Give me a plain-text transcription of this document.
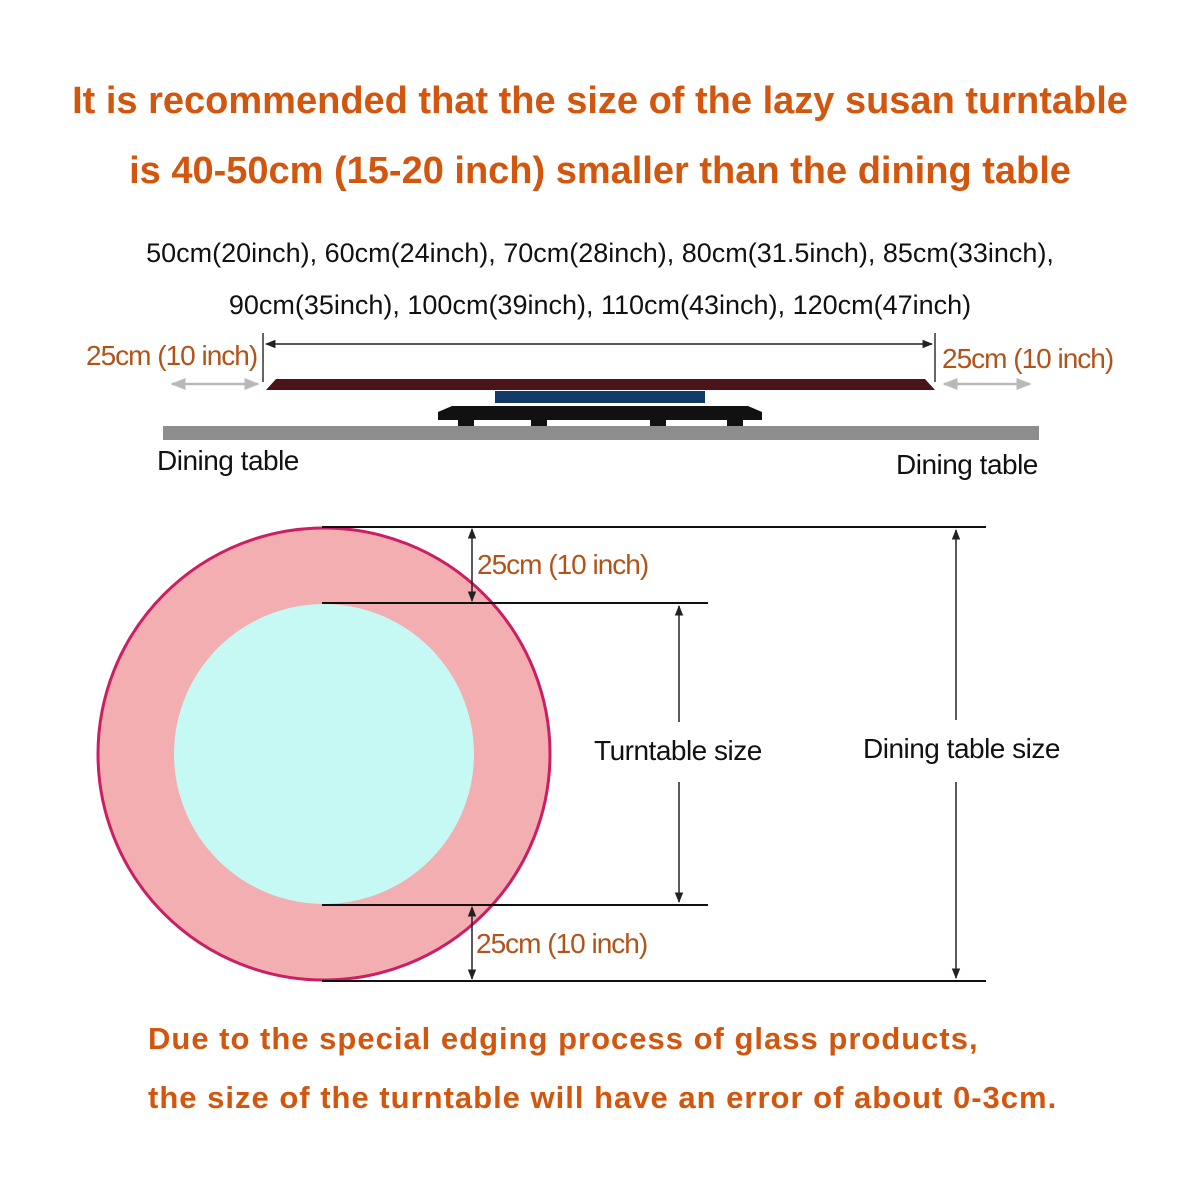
It is recommended that the size of the lazy susan turntable
is 40-50cm (15-20 inch) smaller than the dining table
50cm(20inch), 60cm(24inch), 70cm(28inch), 80cm(31.5inch), 85cm(33inch),
90cm(35inch), 100cm(39inch), 110cm(43inch), 120cm(47inch)
25cm (10 inch)	25cm (10 inch)
Dining table	Dining table
25cm (10 inch)
25cm (10 inch)
Turntable size	Dining table size
Due to the special edging process of glass products,
the size of the turntable will have an error of about 0-3cm.
